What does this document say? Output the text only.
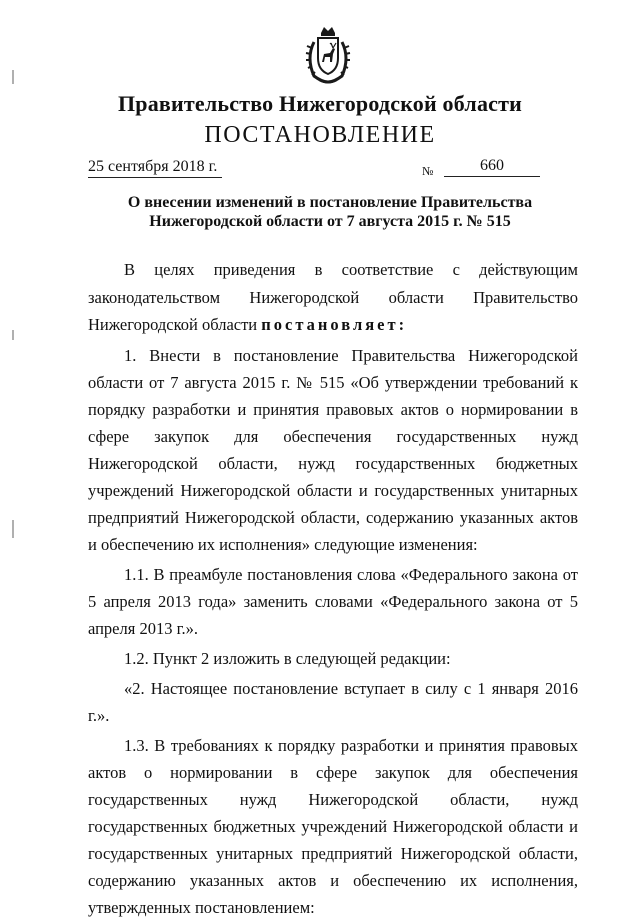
Правительство Нижегородской области
ПОСТАНОВЛЕНИЕ
25 сентября 2018 г.	№	660
О внесении изменений в постановление Правительства
Нижегородской области от 7 августа 2015 г. № 515

В целях приведения в соответствие с действующим законодательством Нижегородской области Правительство Нижегородской области постановляет:

1. Внести в постановление Правительства Нижегородской области от 7 августа 2015 г. № 515 «Об утверждении требований к порядку разработки и принятия правовых актов о нормировании в сфере закупок для обеспечения государственных нужд Нижегородской области, нужд государственных бюджетных учреждений Нижегородской области и государственных унитарных предприятий Нижегородской области, содержанию указанных актов и обеспечению их исполнения» следующие изменения:

1.1. В преамбуле постановления слова «Федерального закона от 5 апреля 2013 года» заменить словами «Федерального закона от 5 апреля 2013 г.».

1.2. Пункт 2 изложить в следующей редакции:

«2. Настоящее постановление вступает в силу с 1 января 2016 г.».

1.3. В требованиях к порядку разработки и принятия правовых актов о нормировании в сфере закупок для обеспечения государственных нужд Нижегородской области, нужд государственных бюджетных учреждений Нижегородской области и государственных унитарных предприятий Нижегородской области, содержанию указанных актов и обеспечению их исполнения, утвержденных постановлением:
